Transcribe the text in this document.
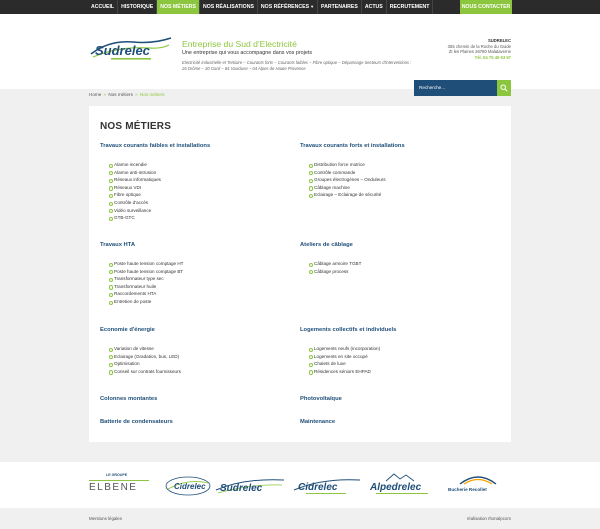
ACCUEIL	HISTORIQUE	NOS MÉTIERS	NOS RÉALISATIONS	NOS RÉFÉRENCES▼	PARTENAIRES	ACTUS	RECRUTEMENT	NOUS CONTACTER
Sudrelec	Entreprise du Sud d'Electricité
Une entreprise qui vous accompagne dans vos projets
Electricité industrielle et Tertiaire – Courants forts – Courants faibles – Fibre optique – Dépannage Secteurs d'interventions : 26 Drôme – 30 Gard – 84 Vaucluse – 04 Alpes de Haute Provence
SUDRELEC
355 chemin de la Roche du Guide
ZI les Plaines 26780 Malataverne
Tél. 04 75 49 63 97
Recherche...
Home » Nos métiers » Nos métiers
NOS MÉTIERS
Travaux courants faibles et installations
Alarme incendie
Alarme anti-intrusion
Réseaux informatiques
Réseaux VDI
Fibre optique
Contrôle d'accès
Vidéo surveillance
GTB-GTC
Travaux courants forts et installations
Distribution force motrice
Contrôle commande
Groupes électrogènes – Onduleurs
Câblage machine
Eclairage – Eclairage de sécurité
Travaux HTA
Poste haute tension comptage HT
Poste haute tension comptage BT
Transformateur type sec
Transformateur huile
Raccordements HTA
Entretien de poste
Ateliers de câblage
Câblage armoire TGBT
Câblage process
Economie d'énergie
Variation de vitesse
Eclairage (Gradation, bus, LED)
Optimisation
Conseil sur contrats fournisseurs
Logements collectifs et individuels
Logements neufs (incorporation)
Logements en site occupé
Chalets de luxe
Résidences séniors EHPAD
Colonnes montantes	Photovoltaïque
Batterie de condensateurs	Maintenance
LE GROUPE
ELBENE	Cidrelec Sudrelec	Cidrelec	Alpedrelec	Bucherie Recollet
Mentions légales	réalisation rhonalpcom
